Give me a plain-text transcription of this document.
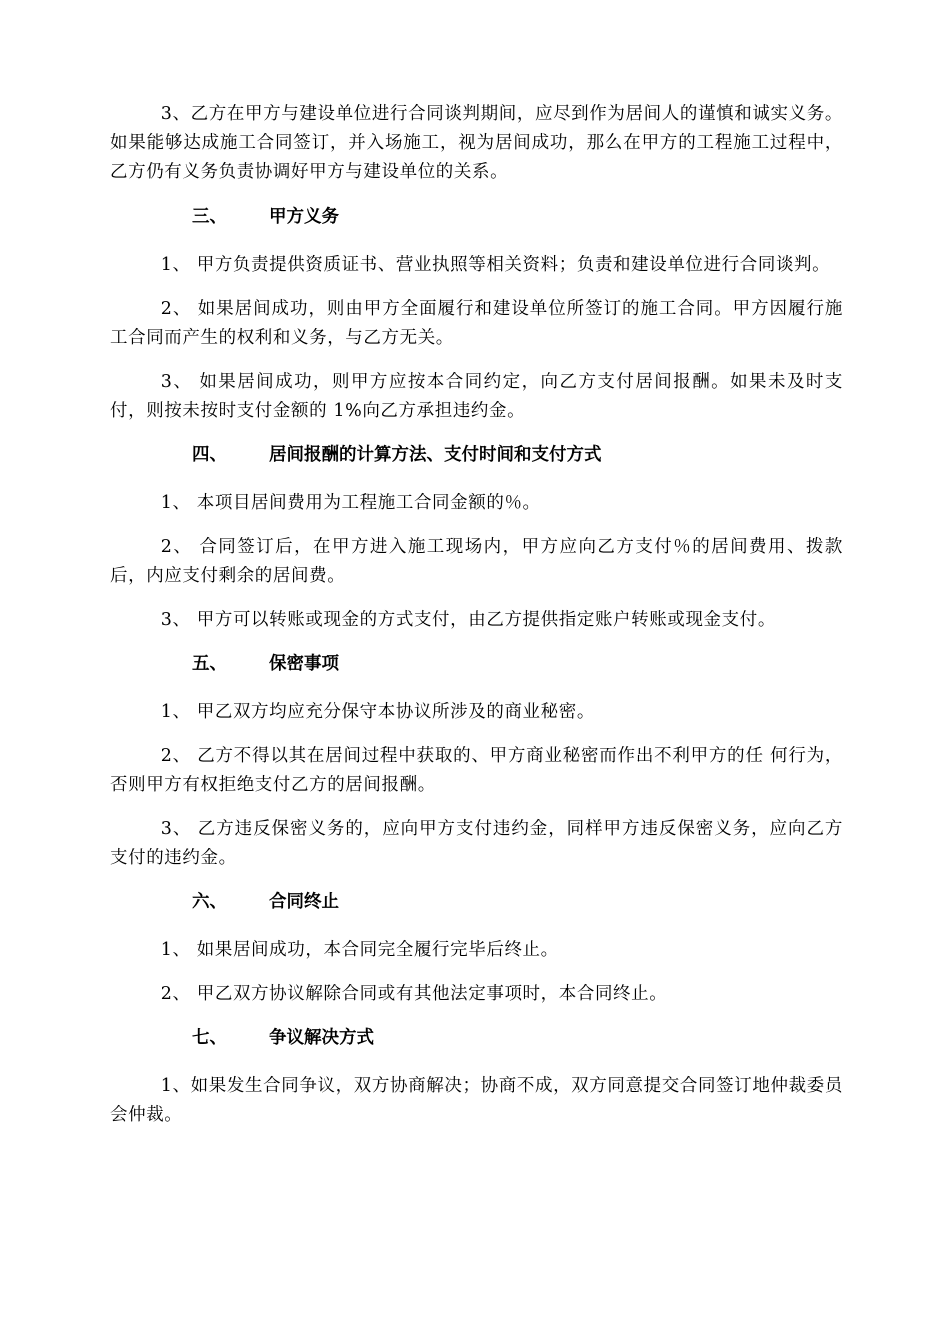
3、乙方在甲方与建设单位进行合同谈判期间，应尽到作为居间人的谨慎和诚实义务。如果能够达成施工合同签订，并入场施工，视为居间成功，那么在甲方的工程施工过程中，乙方仍有义务负责协调好甲方与建设单位的关系。

三、	甲方义务

1、 甲方负责提供资质证书、营业执照等相关资料；负责和建设单位进行合同谈判。

2、 如果居间成功，则由甲方全面履行和建设单位所签订的施工合同。甲方因履行施工合同而产生的权利和义务，与乙方无关。

3、 如果居间成功，则甲方应按本合同约定，向乙方支付居间报酬。如果未及时支付，则按未按时支付金额的 1%向乙方承担违约金。

四、	居间报酬的计算方法、支付时间和支付方式

1、 本项目居间费用为工程施工合同金额的％。

2、 合同签订后，在甲方进入施工现场内，甲方应向乙方支付％的居间费用、拨款后，内应支付剩余的居间费。

3、 甲方可以转账或现金的方式支付，由乙方提供指定账户转账或现金支付。

五、	保密事项

1、 甲乙双方均应充分保守本协议所涉及的商业秘密。

2、 乙方不得以其在居间过程中获取的、甲方商业秘密而作出不利甲方的任 何行为，否则甲方有权拒绝支付乙方的居间报酬。

3、 乙方违反保密义务的，应向甲方支付违约金，同样甲方违反保密义务，应向乙方支付的违约金。

六、	合同终止

1、 如果居间成功，本合同完全履行完毕后终止。

2、 甲乙双方协议解除合同或有其他法定事项时，本合同终止。

七、	争议解决方式

1、如果发生合同争议，双方协商解决；协商不成，双方同意提交合同签订地仲裁委员会仲裁。
